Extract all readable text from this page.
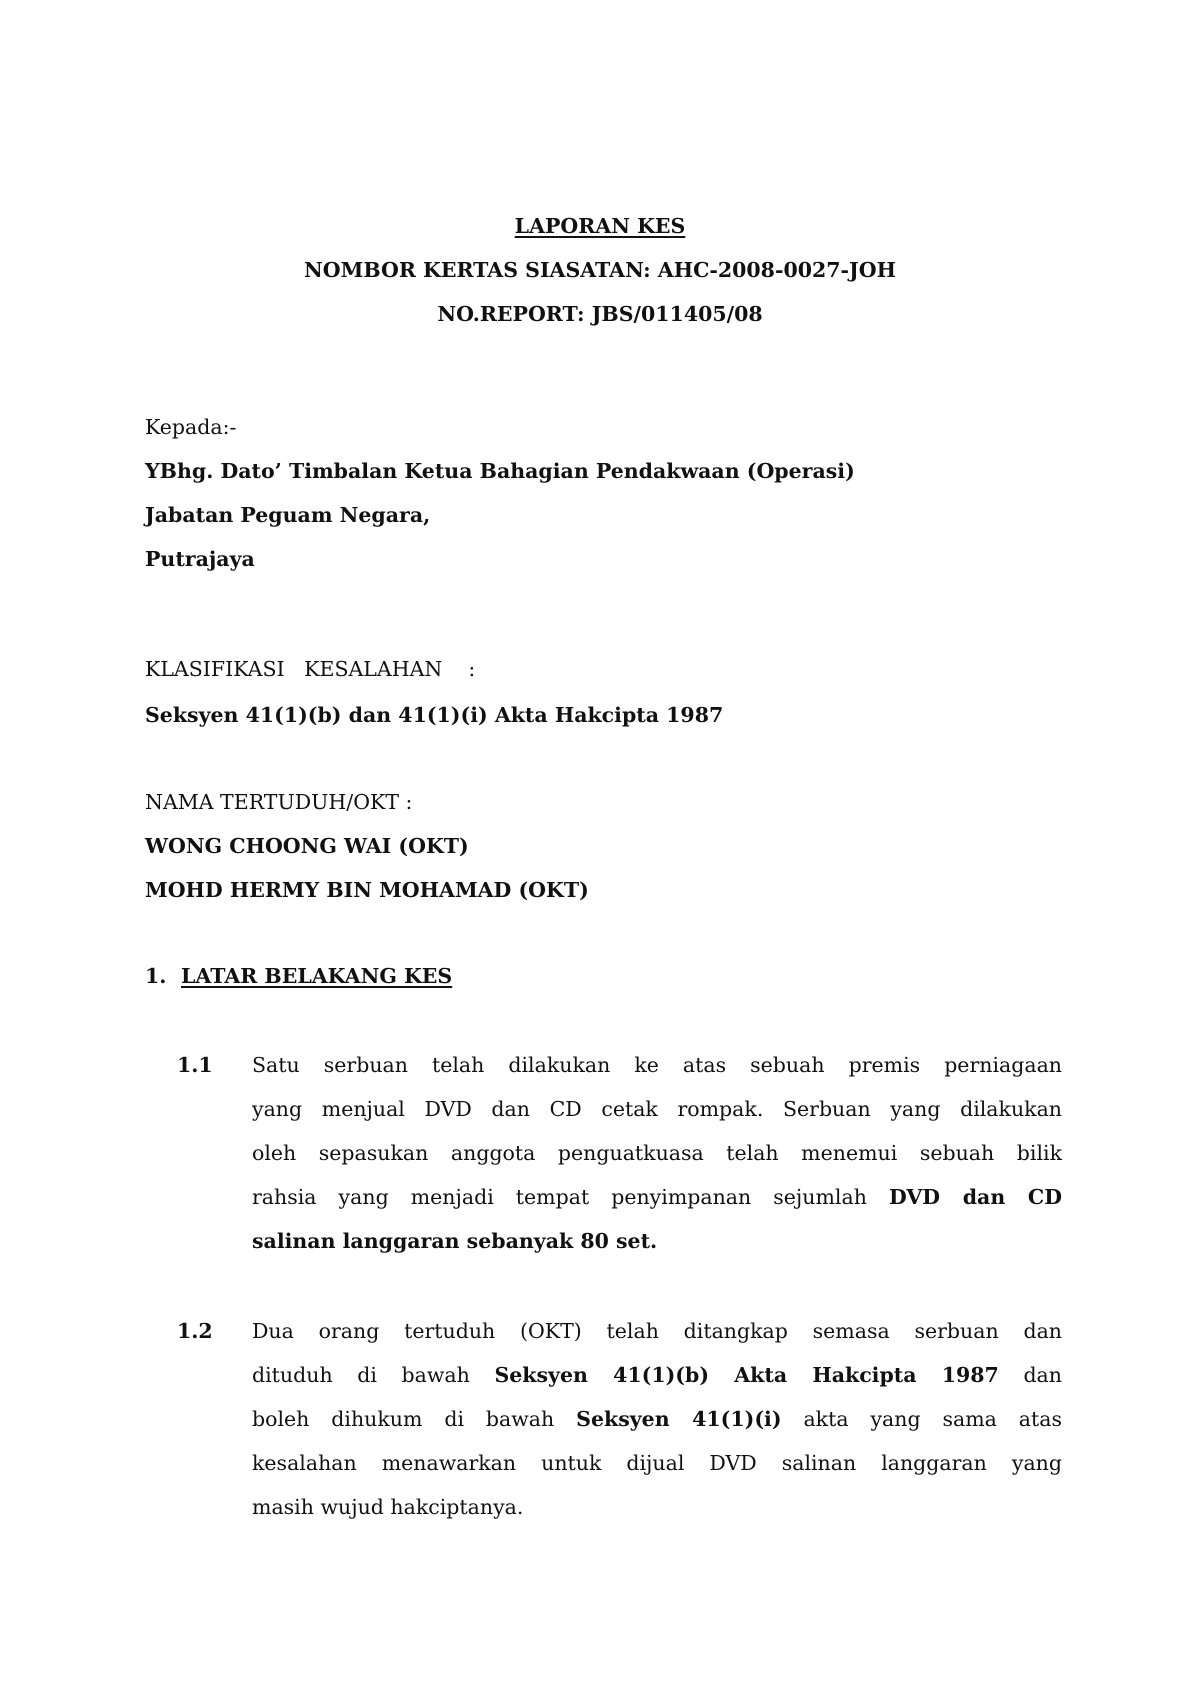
LAPORAN KES
NOMBOR KERTAS SIASATAN: AHC-2008-0027-JOH
NO.REPORT: JBS/011405/08
Kepada:-
YBhg. Dato’ Timbalan Ketua Bahagian Pendakwaan (Operasi)
Jabatan Peguam Negara,
Putrajaya
KLASIFIKASI   KESALAHAN    :
Seksyen 41(1)(b) dan 41(1)(i) Akta Hakcipta 1987
NAMA TERTUDUH/OKT :
WONG CHOONG WAI (OKT)
MOHD HERMY BIN MOHAMAD (OKT)
1. LATAR BELAKANG KES
1.1 Satu serbuan telah dilakukan ke atas sebuah premis perniagaan
yang menjual DVD dan CD cetak rompak. Serbuan yang dilakukan
oleh sepasukan anggota penguatkuasa telah menemui sebuah bilik
rahsia yang menjadi tempat penyimpanan sejumlah DVD dan CD
salinan langgaran sebanyak 80 set.
1.2 Dua orang tertuduh (OKT) telah ditangkap semasa serbuan dan
dituduh di bawah Seksyen 41(1)(b) Akta Hakcipta 1987 dan
boleh dihukum di bawah Seksyen 41(1)(i) akta yang sama atas
kesalahan menawarkan untuk dijual DVD salinan langgaran yang
masih wujud hakciptanya.
